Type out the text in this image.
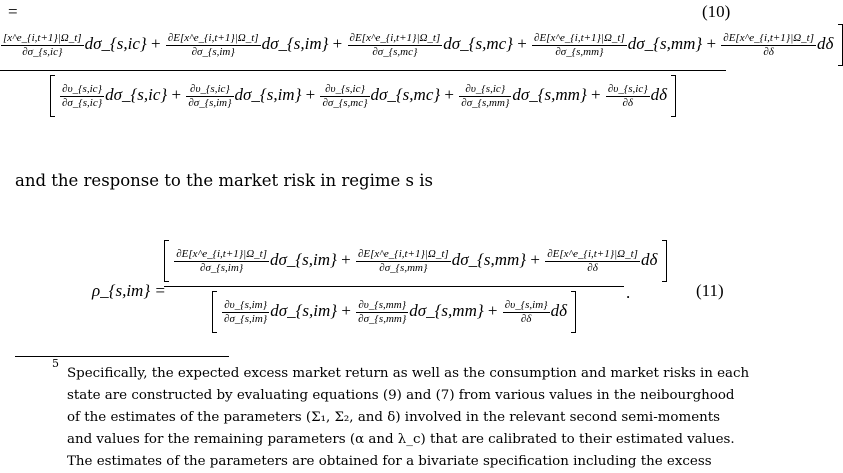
=	(10)
$\frac{[x\^{}e\_\{i,t+1\}|\Omega\_t]}{\partial\sigma\_\{s,ic\}}$ dσ_{s,ic} + $\frac{\partial E[x\^{}e\_\{i,t+1\}|\Omega\_t]}{\partial\sigma\_\{s,im\}}$ dσ_{s,im} + $\frac{\partial E[x\^{}e\_\{i,t+1\}|\Omega\_t]}{\partial\sigma\_\{s,mc\}}$ dσ_{s,mc} + $\frac{\partial E[x\^{}e\_\{i,t+1\}|\Omega\_t]}{\partial\sigma\_\{s,mm\}}$ dσ_{s,mm} + $\frac{\partial E[x\^{}e\_\{i,t+1\}|\Omega\_t]}{\partial\delta}$ dδ

$\frac{\partial\upsilon\_\{s,ic\}}{\partial\sigma\_\{s,ic\}}$ dσ_{s,ic} + $\frac{\partial\upsilon\_\{s,ic\}}{\partial\sigma\_\{s,im\}}$ dσ_{s,im} + $\frac{\partial\upsilon\_\{s,ic\}}{\partial\sigma\_\{s,mc\}}$ dσ_{s,mc} + $\frac{\partial\upsilon\_\{s,ic\}}{\partial\sigma\_\{s,mm\}}$ dσ_{s,mm} + $\frac{\partial\upsilon\_\{s,ic\}}{\partial\delta}$ dδ
and the response to the market risk in regime s is
ρ_{s,im} =	(11)

$\frac{\partial E[x\^{}e\_\{i,t+1\}|\Omega\_t]}{\partial\sigma\_\{s,im\}}$ dσ_{s,im} + $\frac{\partial E[x\^{}e\_\{i,t+1\}|\Omega\_t]}{\partial\sigma\_\{s,mm\}}$ dσ_{s,mm} + $\frac{\partial E[x\^{}e\_\{i,t+1\}|\Omega\_t]}{\partial\delta}$ dδ

$\frac{\partial\upsilon\_\{s,im\}}{\partial\sigma\_\{s,im\}}$ dσ_{s,im} + $\frac{\partial\upsilon\_\{s,mm\}}{\partial\sigma\_\{s,mm\}}$ dσ_{s,mm} + $\frac{\partial\upsilon\_\{s,im\}}{\partial\delta}$ dδ
.
5
Specifically, the expected excess market return as well as the consumption and market risks in each
state are constructed by evaluating equations (9) and (7) from various values in the neibourghood
of the estimates of the parameters (Σ₁, Σ₂, and δ) involved in the relevant second semi-moments
and values for the remaining parameters (α and λ_c) that are calibrated to their estimated values.
The estimates of the parameters are obtained for a bivariate specification including the excess
